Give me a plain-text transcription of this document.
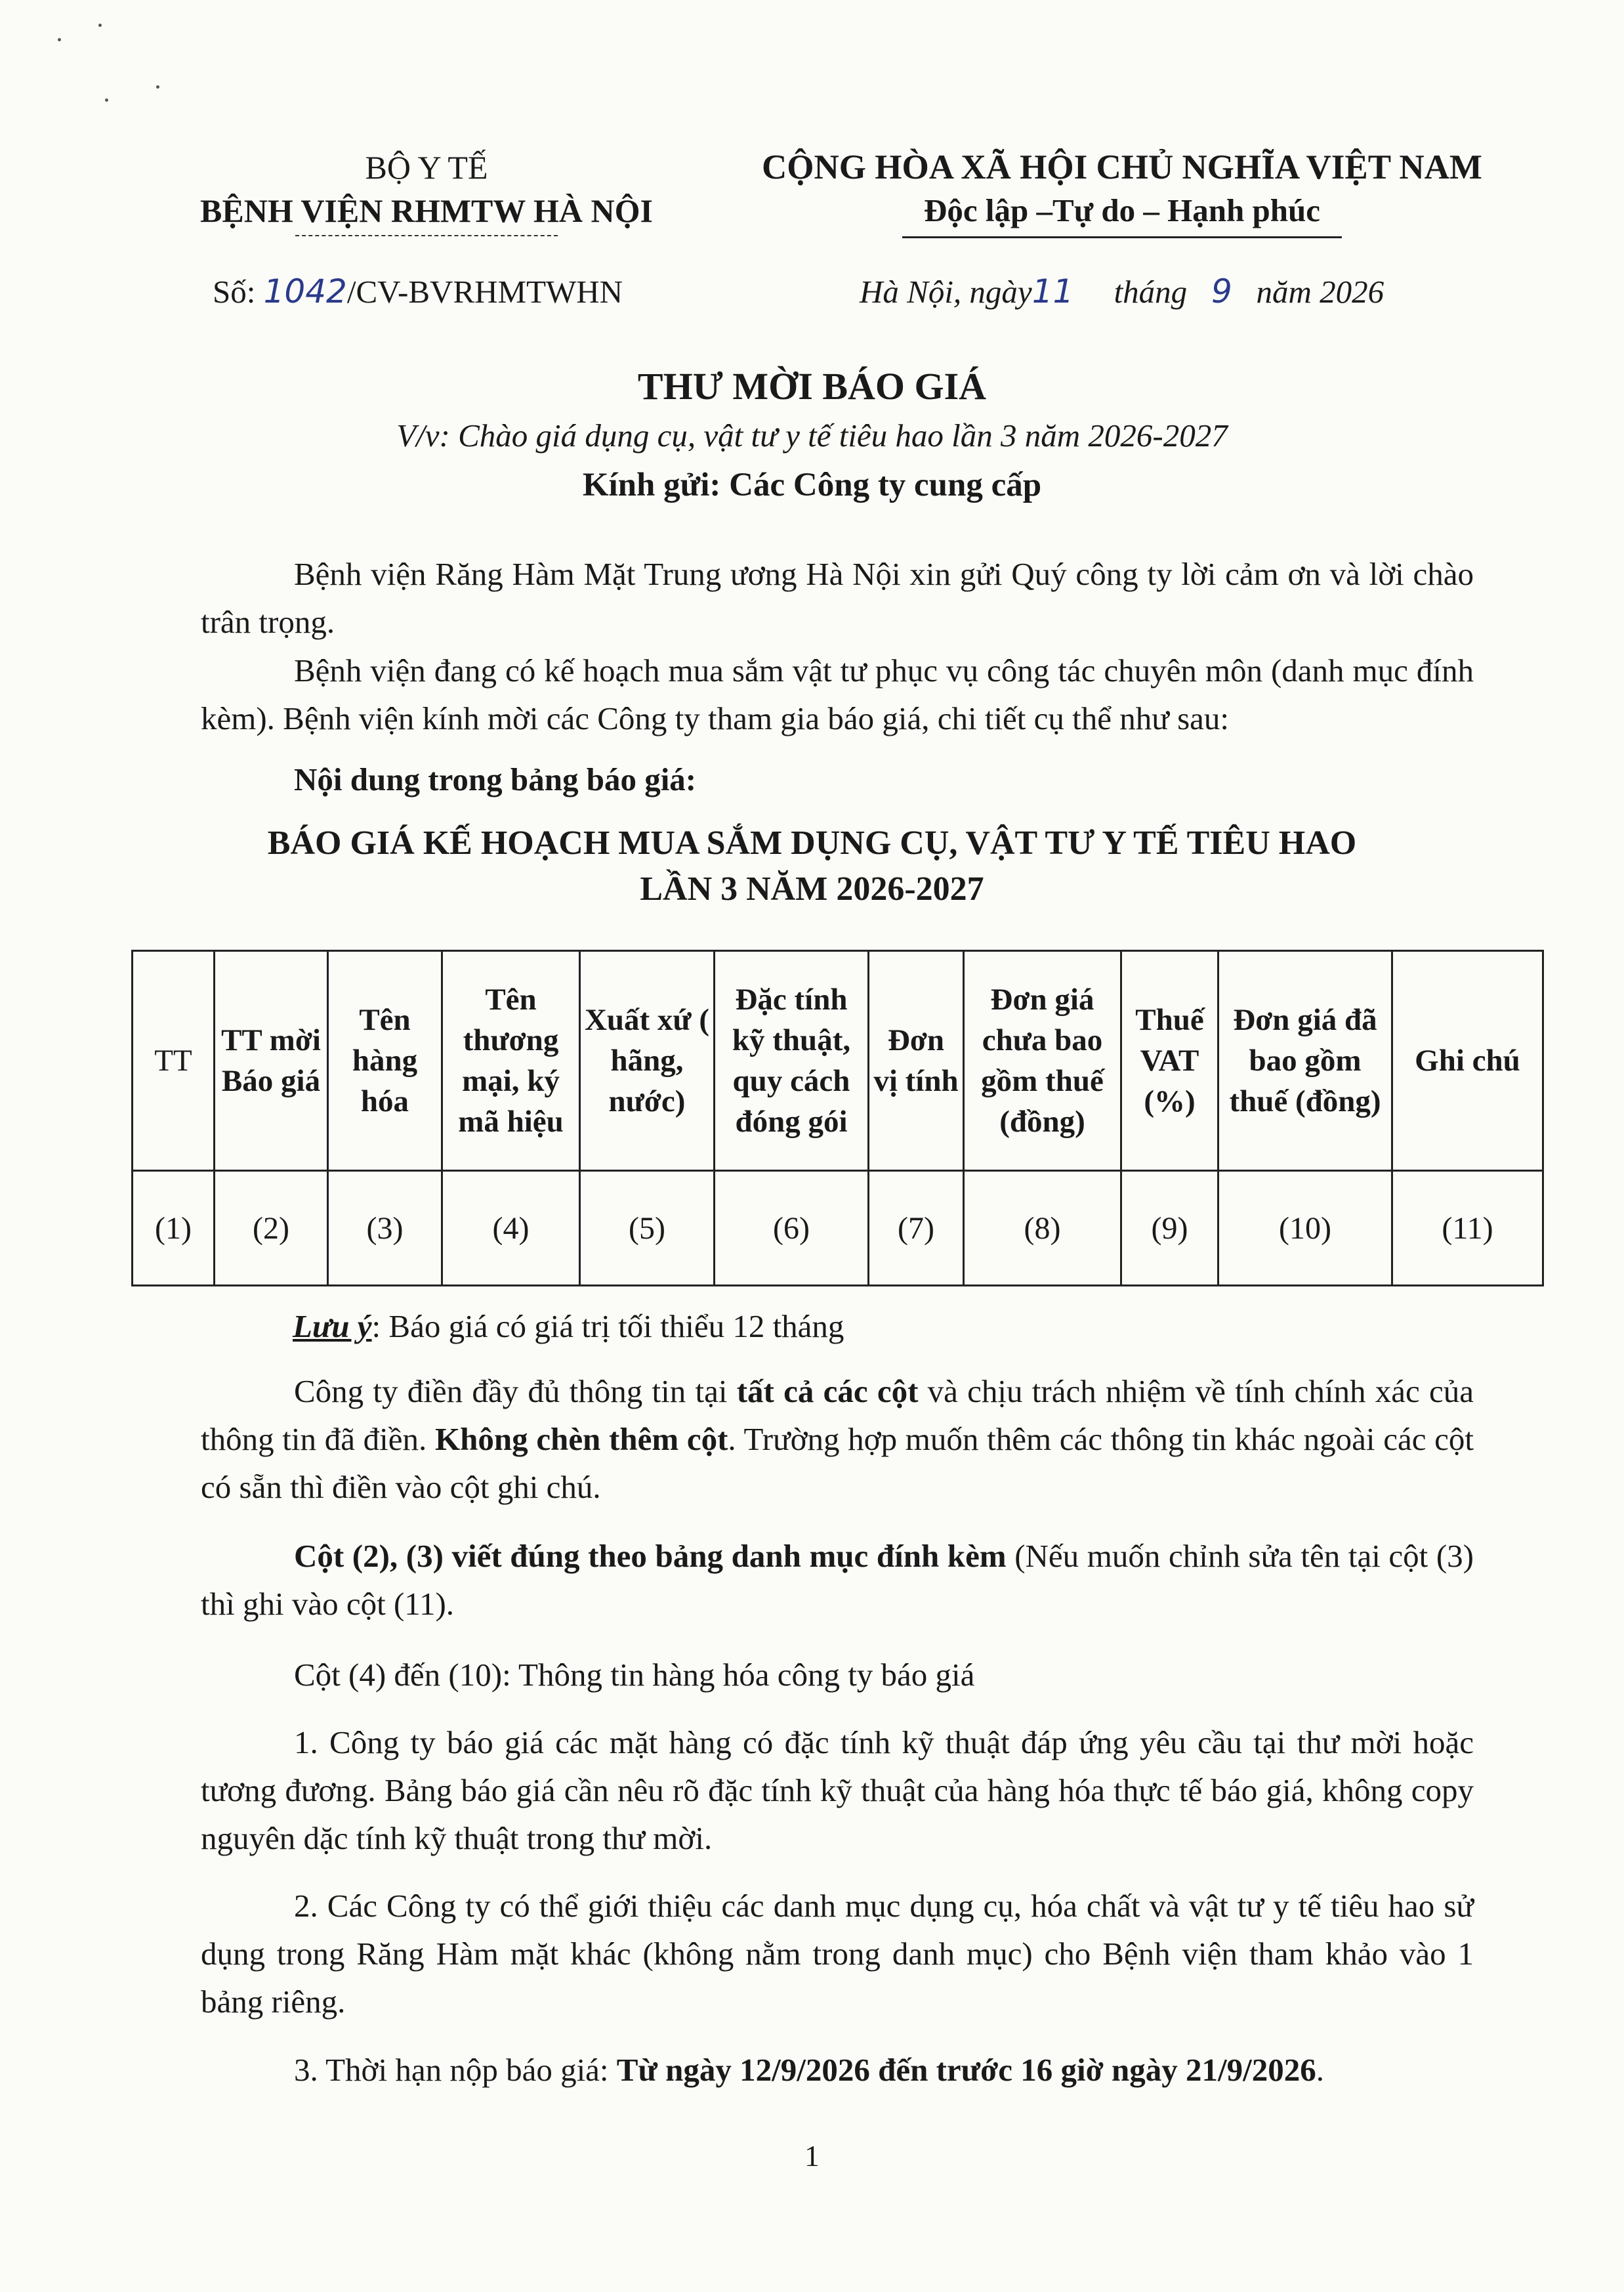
BỘ Y TẾ
BỆNH VIỆN RHMTW HÀ NỘI
CỘNG HÒA XÃ HỘI CHỦ NGHĨA VIỆT NAM
Độc lập –Tự do – Hạnh phúc
Số: 1042/CV-BVRHMTWHN	Hà Nội, ngày11 tháng 9 năm 2026
THƯ MỜI BÁO GIÁ
V/v: Chào giá dụng cụ, vật tư y tế tiêu hao lần 3 năm 2026-2027
Kính gửi: Các Công ty cung cấp
Bệnh viện Răng Hàm Mặt Trung ương Hà Nội xin gửi Quý công ty lời cảm ơn và lời chào trân trọng.
Bệnh viện đang có kế hoạch mua sắm vật tư phục vụ công tác chuyên môn (danh mục đính kèm). Bệnh viện kính mời các Công ty tham gia báo giá, chi tiết cụ thể như sau:
Nội dung trong bảng báo giá:
BÁO GIÁ KẾ HOẠCH MUA SẮM DỤNG CỤ, VẬT TƯ Y TẾ TIÊU HAO LẦN 3 NĂM 2026-2027
TT	TT mời Báo giá	Tên hàng hóa	Tên thương mại, ký mã hiệu	Xuất xứ ( hãng, nước)	Đặc tính kỹ thuật, quy cách đóng gói	Đơn vị tính	Đơn giá chưa bao gồm thuế (đồng)	Thuế VAT (%)	Đơn giá đã bao gồm thuế (đồng)	Ghi chú
(1)	(2)	(3)	(4)	(5)	(6)	(7)	(8)	(9)	(10)	(11)
Lưu ý: Báo giá có giá trị tối thiểu 12 tháng
Công ty điền đầy đủ thông tin tại tất cả các cột và chịu trách nhiệm về tính chính xác của thông tin đã điền. Không chèn thêm cột. Trường hợp muốn thêm các thông tin khác ngoài các cột có sẵn thì điền vào cột ghi chú.
Cột (2), (3) viết đúng theo bảng danh mục đính kèm (Nếu muốn chỉnh sửa tên tại cột (3) thì ghi vào cột (11).
Cột (4) đến (10): Thông tin hàng hóa công ty báo giá
1. Công ty báo giá các mặt hàng có đặc tính kỹ thuật đáp ứng yêu cầu tại thư mời hoặc tương đương. Bảng báo giá cần nêu rõ đặc tính kỹ thuật của hàng hóa thực tế báo giá, không copy nguyên dặc tính kỹ thuật trong thư mời.
2. Các Công ty có thể giới thiệu các danh mục dụng cụ, hóa chất và vật tư y tế tiêu hao sử dụng trong Răng Hàm mặt khác (không nằm trong danh mục) cho Bệnh viện tham khảo vào 1 bảng riêng.
3. Thời hạn nộp báo giá: Từ ngày 12/9/2026 đến trước 16 giờ ngày 21/9/2026.
1
